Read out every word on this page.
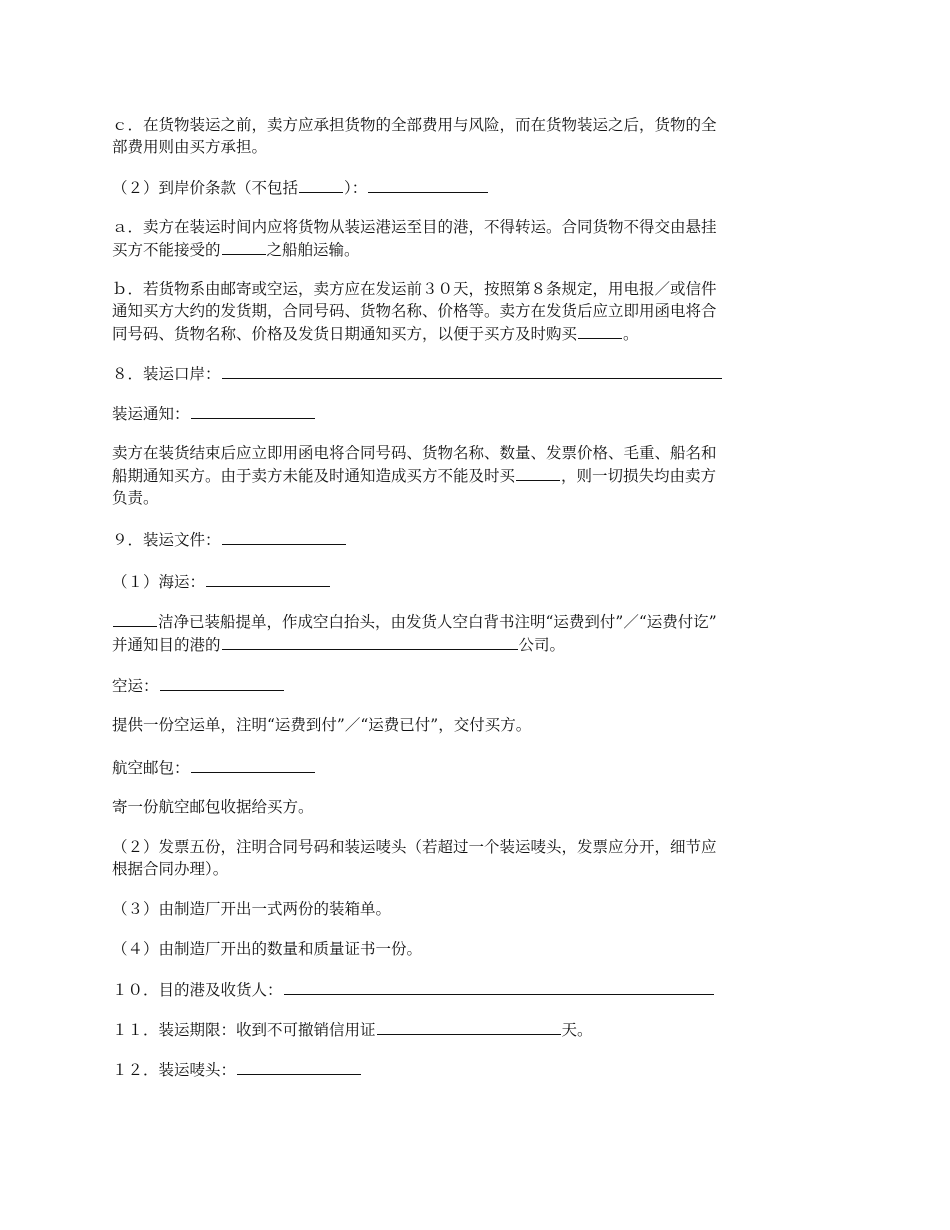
ｃ．在货物装运之前，卖方应承担货物的全部费用与风险，而在货物装运之后，货物的全
部费用则由买方承担。

（２）到岸价条款（不包括	）：

ａ．卖方在装运时间内应将货物从装运港运至目的港，不得转运。合同货物不得交由悬挂
买方不能接受的	之船舶运输。

ｂ．若货物系由邮寄或空运，卖方应在发运前３０天，按照第８条规定，用电报／或信件
通知买方大约的发货期，合同号码、货物名称、价格等。卖方在发货后应立即用函电将合
同号码、货物名称、价格及发货日期通知买方，以便于买方及时购买	。

８．装运口岸：

装运通知：

卖方在装货结束后应立即用函电将合同号码、货物名称、数量、发票价格、毛重、船名和
船期通知买方。由于卖方未能及时通知造成买方不能及时买	，则一切损失均由卖方
负责。

９．装运文件：

（１）海运：

洁净已装船提单，作成空白抬头，由发货人空白背书注明“运费到付”／“运费付讫”
并通知目的港的	公司。

空运：

提供一份空运单，注明“运费到付”／“运费已付”，交付买方。

航空邮包：

寄一份航空邮包收据给买方。

（２）发票五份，注明合同号码和装运唛头（若超过一个装运唛头，发票应分开，细节应
根据合同办理）。

（３）由制造厂开出一式两份的装箱单。

（４）由制造厂开出的数量和质量证书一份。

１０．目的港及收货人：

１１．装运期限：收到不可撤销信用证	天。

１２．装运唛头：
